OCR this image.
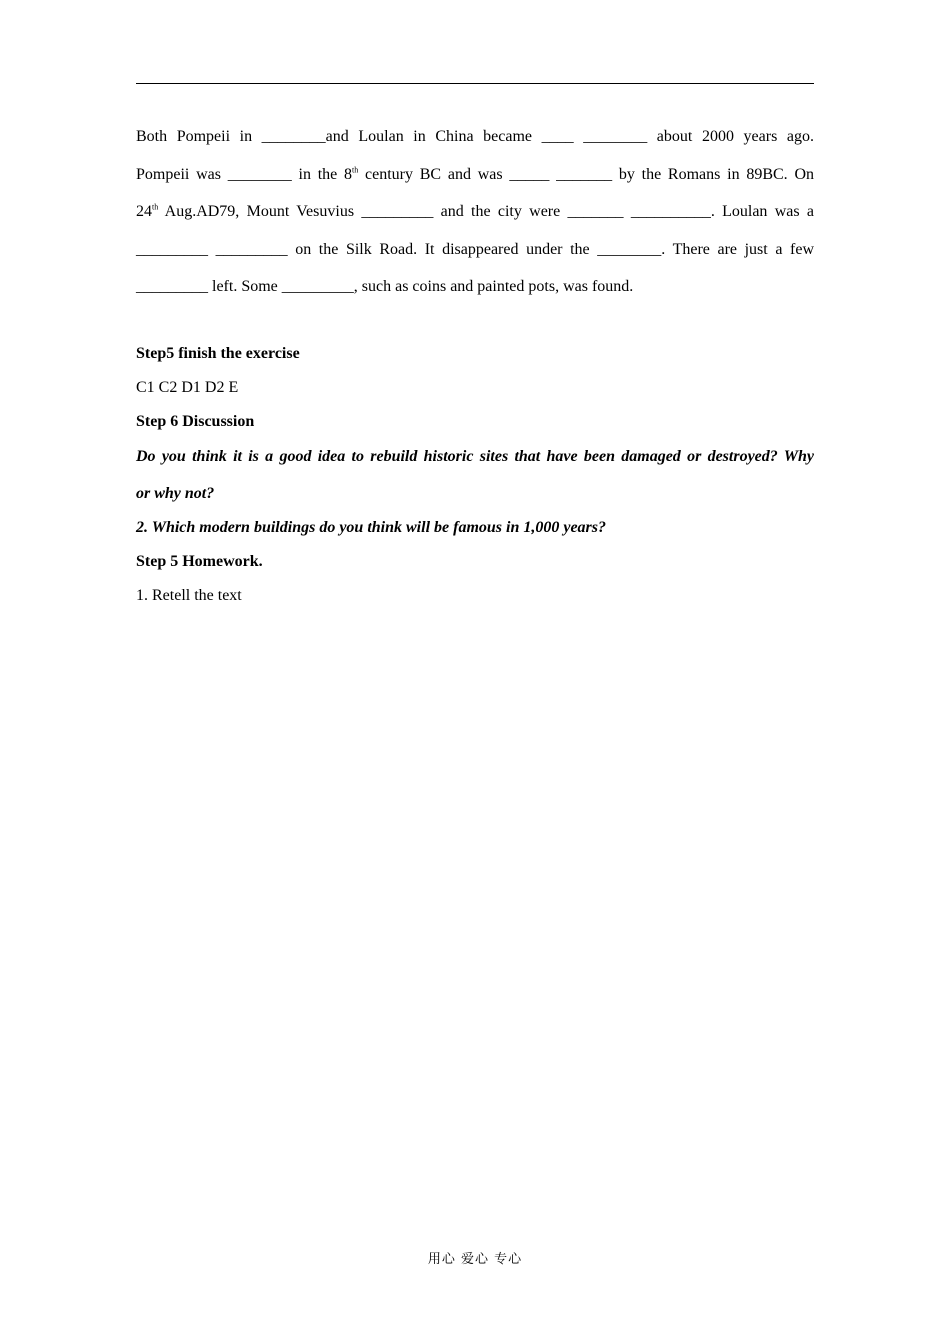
Both Pompeii in ________and Loulan in China became ____ ________ about 2000 years ago.

Pompeii was ________ in the 8th century BC and was _____ _______ by the Romans in 89BC. On

24th Aug.AD79, Mount Vesuvius _________ and the city were _______ __________. Loulan was a

_________ _________ on the Silk Road. It disappeared under the ________. There are just a few

_________ left. Some _________, such as coins and painted pots, was found.

Step5 finish the exercise
C1 C2 D1 D2 E
Step 6 Discussion
Do you think it is a good idea to rebuild historic sites that have been damaged or destroyed? Why
or why not?
2. Which modern buildings do you think will be famous in 1,000 years?
Step 5 Homework.
1. Retell the text
用心 爱心 专心
